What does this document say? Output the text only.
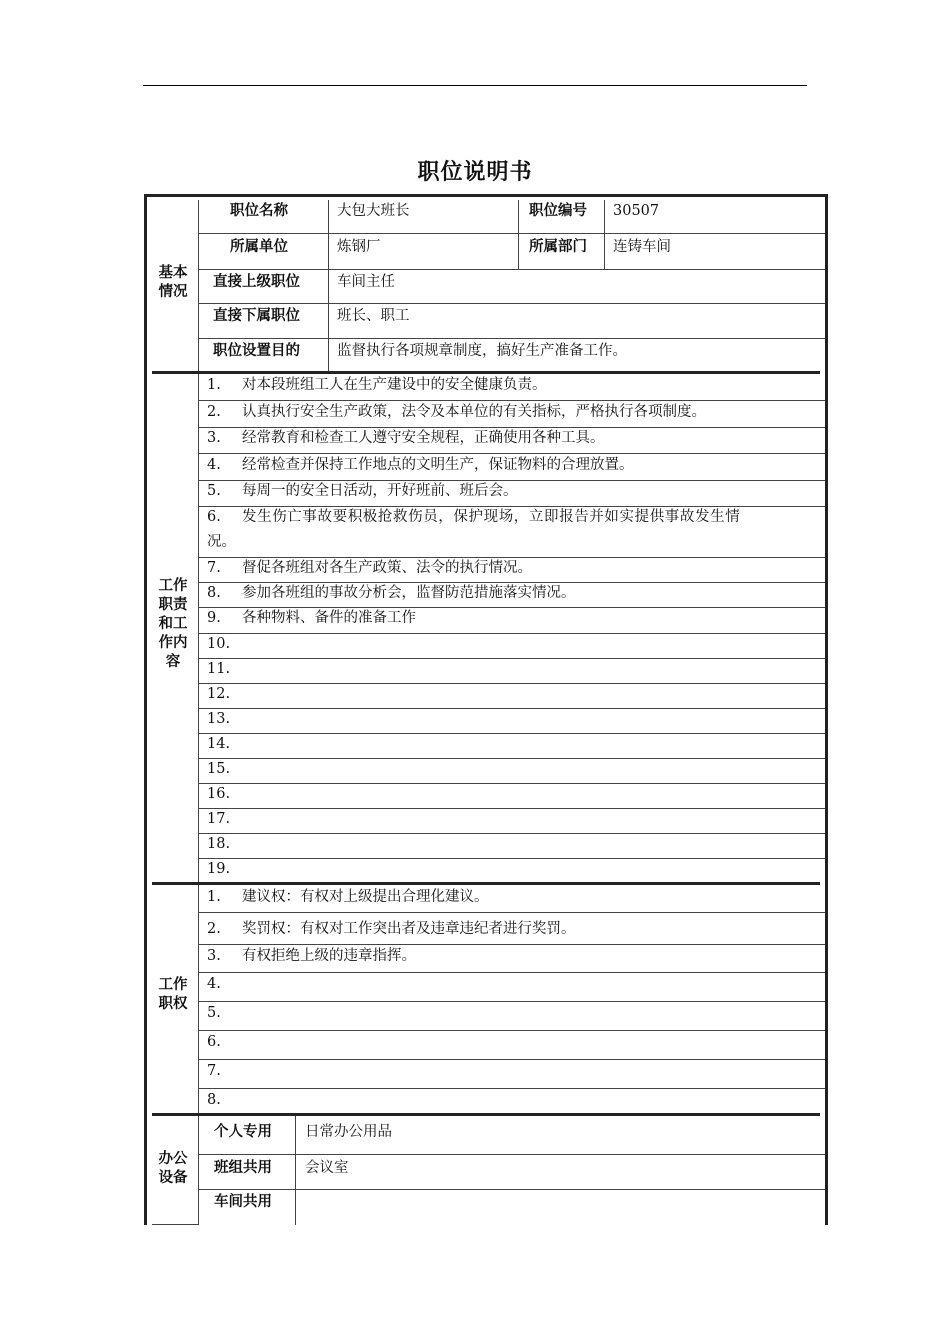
职位说明书
基本
情况
职位名称	大包大班长	职位编号 30507
所属单位	炼钢厂	所属部门 连铸车间
直接上级职位	车间主任
直接下属职位	班长、职工
职位设置目的	监督执行各项规章制度，搞好生产准备工作。
工作
职责
和工
作内
容
1. 对本段班组工人在生产建设中的安全健康负责。
2. 认真执行安全生产政策，法令及本单位的有关指标，严格执行各项制度。
3. 经常教育和检查工人遵守安全规程，正确使用各种工具。
4. 经常检查并保持工作地点的文明生产，保证物料的合理放置。
5. 每周一的安全日活动，开好班前、班后会。
6. 发生伤亡事故要积极抢救伤员，保护现场，立即报告并如实提供事故发生情
况。
7. 督促各班组对各生产政策、法令的执行情况。
8. 参加各班组的事故分析会，监督防范措施落实情况。
9. 各种物料、备件的准备工作
10.
11.
12.
13.
14.
15.
16.
17.
18.
19.
工作
职权
1. 建议权：有权对上级提出合理化建议。
2. 奖罚权：有权对工作突出者及违章违纪者进行奖罚。
3. 有权拒绝上级的违章指挥。
4.
5.
6.
7.
8.
办公
设备
个人专用 日常办公用品
班组共用 会议室
车间共用
